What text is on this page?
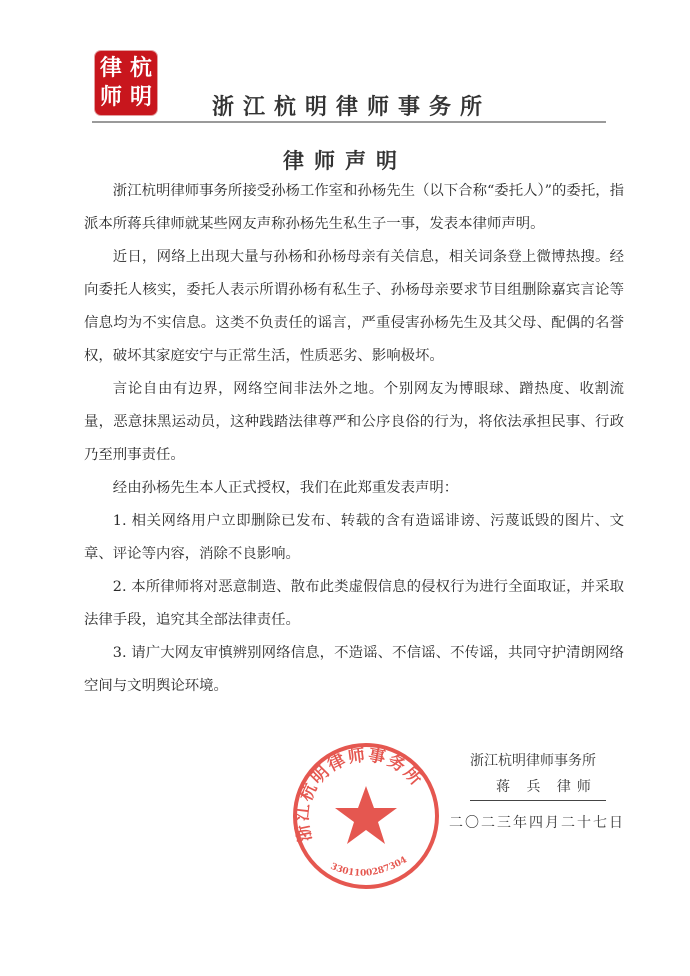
杭
明
律
师	浙江杭明律师事务所
律师声明

浙江杭明律师事务所接受孙杨工作室和孙杨先生（以下合称“委托人）”的委托，指派本所蒋兵律师就某些网友声称孙杨先生私生子一事，发表本律师声明。

近日，网络上出现大量与孙杨和孙杨母亲有关信息，相关词条登上微博热搜。经向委托人核实，委托人表示所谓孙杨有私生子、孙杨母亲要求节目组删除嘉宾言论等信息均为不实信息。这类不负责任的谣言，严重侵害孙杨先生及其父母、配偶的名誉权，破坏其家庭安宁与正常生活，性质恶劣、影响极坏。

言论自由有边界，网络空间非法外之地。个别网友为博眼球、蹭热度、收割流量，恶意抹黑运动员，这种践踏法律尊严和公序良俗的行为，将依法承担民事、行政乃至刑事责任。

经由孙杨先生本人正式授权，我们在此郑重发表声明：

1. 相关网络用户立即删除已发布、转载的含有造谣诽谤、污蔑诋毁的图片、文章、评论等内容，消除不良影响。

2. 本所律师将对恶意制造、散布此类虚假信息的侵权行为进行全面取证，并采取法律手段，追究其全部法律责任。

3. 请广大网友审慎辨别网络信息，不造谣、不信谣、不传谣，共同守护清朗网络空间与文明舆论环境。

浙江杭明律师事务所
3301100287304
浙江杭明律师事务所
蒋 兵 律师
二〇二三年四月二十七日
